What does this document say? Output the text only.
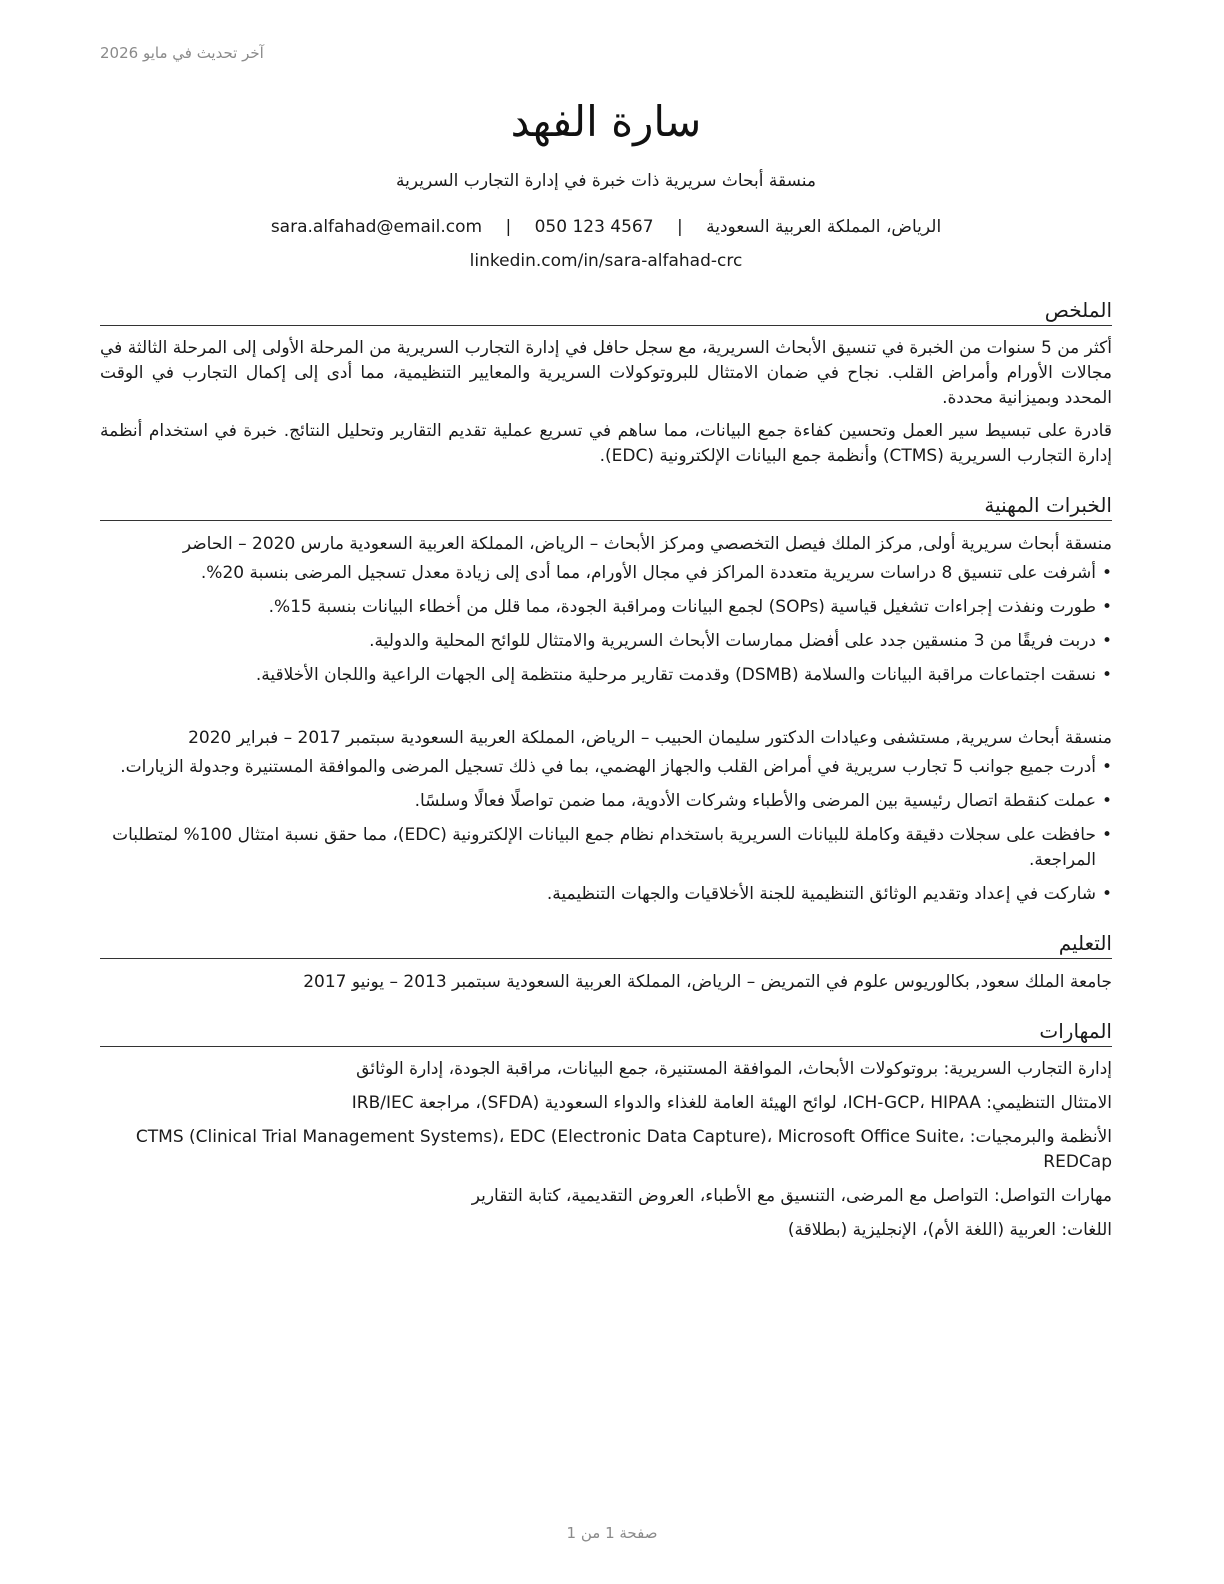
آخر تحديث في مايو 2026
سارة الفهد
منسقة أبحاث سريرية ذات خبرة في إدارة التجارب السريرية
الرياض، المملكة العربية السعودية | sara.alfahad@email.com | 050 123 4567
linkedin.com/in/sara-alfahad-crc
الملخص

أكثر من 5 سنوات من الخبرة في تنسيق الأبحاث السريرية، مع سجل حافل في إدارة التجارب السريرية من المرحلة الأولى إلى المرحلة الثالثة في مجالات الأورام وأمراض القلب. نجاح في ضمان الامتثال للبروتوكولات السريرية والمعايير التنظيمية، مما أدى إلى إكمال التجارب في الوقت المحدد وبميزانية محددة.

قادرة على تبسيط سير العمل وتحسين كفاءة جمع البيانات، مما ساهم في تسريع عملية تقديم التقارير وتحليل النتائج. خبرة في استخدام أنظمة إدارة التجارب السريرية (CTMS) وأنظمة جمع البيانات الإلكترونية (EDC).

الخبرات المهنية
منسقة أبحاث سريرية أولى, مركز الملك فيصل التخصصي ومركز الأبحاث – الرياض، المملكة العربية السعودية مارس 2020 – الحاضر
•
أشرفت على تنسيق 8 دراسات سريرية متعددة المراكز في مجال الأورام، مما أدى إلى زيادة معدل تسجيل المرضى بنسبة 20%.
•
طورت ونفذت إجراءات تشغيل قياسية (SOPs) لجمع البيانات ومراقبة الجودة، مما قلل من أخطاء البيانات بنسبة 15%.
•
دربت فريقًا من 3 منسقين جدد على أفضل ممارسات الأبحاث السريرية والامتثال للوائح المحلية والدولية.
•
نسقت اجتماعات مراقبة البيانات والسلامة (DSMB) وقدمت تقارير مرحلية منتظمة إلى الجهات الراعية واللجان الأخلاقية.
منسقة أبحاث سريرية, مستشفى وعيادات الدكتور سليمان الحبيب – الرياض، المملكة العربية السعودية سبتمبر 2017 – فبراير 2020
•
أدرت جميع جوانب 5 تجارب سريرية في أمراض القلب والجهاز الهضمي، بما في ذلك تسجيل المرضى والموافقة المستنيرة وجدولة الزيارات.
•
عملت كنقطة اتصال رئيسية بين المرضى والأطباء وشركات الأدوية، مما ضمن تواصلًا فعالًا وسلسًا.
•
حافظت على سجلات دقيقة وكاملة للبيانات السريرية باستخدام نظام جمع البيانات الإلكترونية (EDC)، مما حقق نسبة امتثال 100% لمتطلبات المراجعة.
•
شاركت في إعداد وتقديم الوثائق التنظيمية للجنة الأخلاقيات والجهات التنظيمية.
التعليم
جامعة الملك سعود, بكالوريوس علوم في التمريض – الرياض، المملكة العربية السعودية سبتمبر 2013 – يونيو 2017
المهارات
إدارة التجارب السريرية: بروتوكولات الأبحاث، الموافقة المستنيرة، جمع البيانات، مراقبة الجودة، إدارة الوثائق
الامتثال التنظيمي: ICH-GCP، HIPAA، لوائح الهيئة العامة للغذاء والدواء السعودية (SFDA)، مراجعة IRB/IEC
الأنظمة والبرمجيات: CTMS (Clinical Trial Management Systems)، EDC (Electronic Data Capture)، Microsoft Office Suite، REDCap
مهارات التواصل: التواصل مع المرضى، التنسيق مع الأطباء، العروض التقديمية، كتابة التقارير
اللغات: العربية (اللغة الأم)، الإنجليزية (بطلاقة)
صفحة 1 من 1
